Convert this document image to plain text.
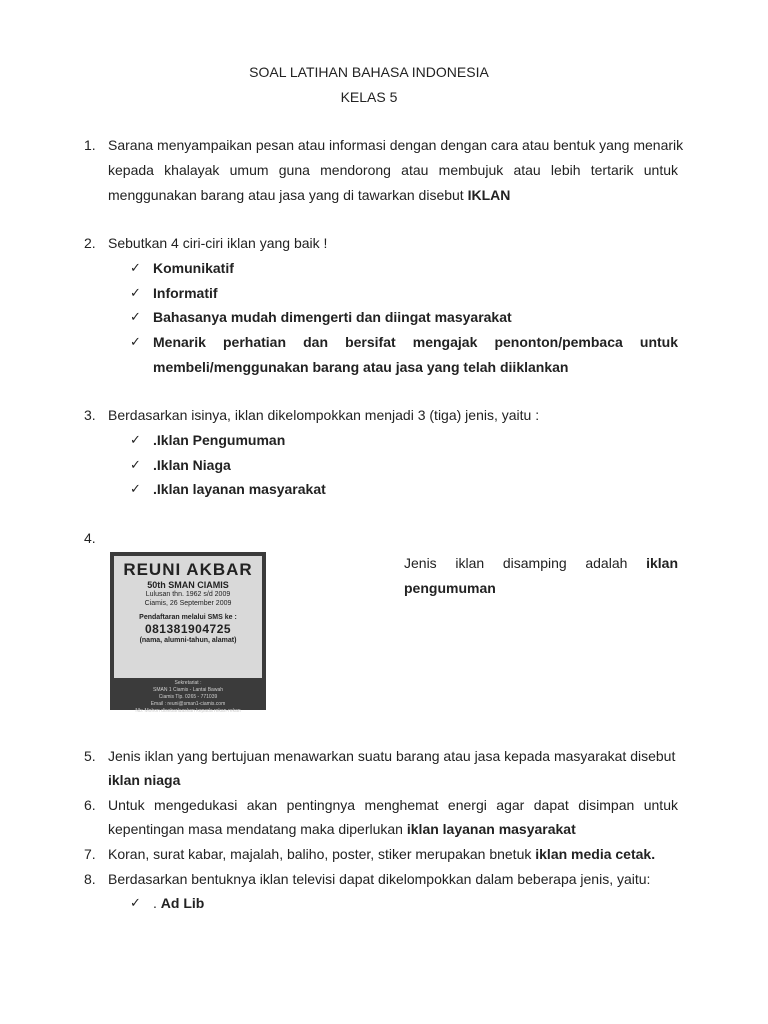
SOAL LATIHAN BAHASA INDONESIA
KELAS 5
1. Sarana menyampaikan pesan atau informasi dengan dengan cara atau bentuk yang menarik
kepada khalayak umum guna mendorong atau membujuk atau lebih tertarik untuk
menggunakan barang atau jasa yang di tawarkan disebut IKLAN
2. Sebutkan 4 ciri-ciri iklan yang baik !
✓ Komunikatif
✓ Informatif
✓ Bahasanya mudah dimengerti dan diingat masyarakat
✓ Menarik perhatian dan bersifat mengajak penonton/pembaca untuk
membeli/menggunakan barang atau jasa yang telah diiklankan
3. Berdasarkan isinya, iklan dikelompokkan menjadi 3 (tiga) jenis, yaitu :
✓ .Iklan Pengumuman
✓ .Iklan Niaga
✓ .Iklan layanan masyarakat
4.
REUNI AKBAR
50th SMAN CIAMIS
Lulusan thn. 1962 s/d 2009
Ciamis, 26 September 2009
Pendaftaran melalui SMS ke :
081381904725
(nama, alumni-tahun, alamat)
Sekretariat :
SMAN 1 Ciamis - Lantai Bawah
Ciamis Tlp. 0265 - 771039
Email : reuni@sman1-ciamis.com
Nb: Mohon disebarluaskan kepada rekan-rekan
Jenis iklan disamping adalah iklan
pengumuman
5. Jenis iklan yang bertujuan menawarkan suatu barang atau jasa kepada masyarakat disebut
iklan niaga
6. Untuk mengedukasi akan pentingnya menghemat energi agar dapat disimpan untuk
kepentingan masa mendatang maka diperlukan iklan layanan masyarakat
7. Koran, surat kabar, majalah, baliho, poster, stiker merupakan bnetuk iklan media cetak.
8. Berdasarkan bentuknya iklan televisi dapat dikelompokkan dalam beberapa jenis, yaitu:
✓ . Ad Lib
